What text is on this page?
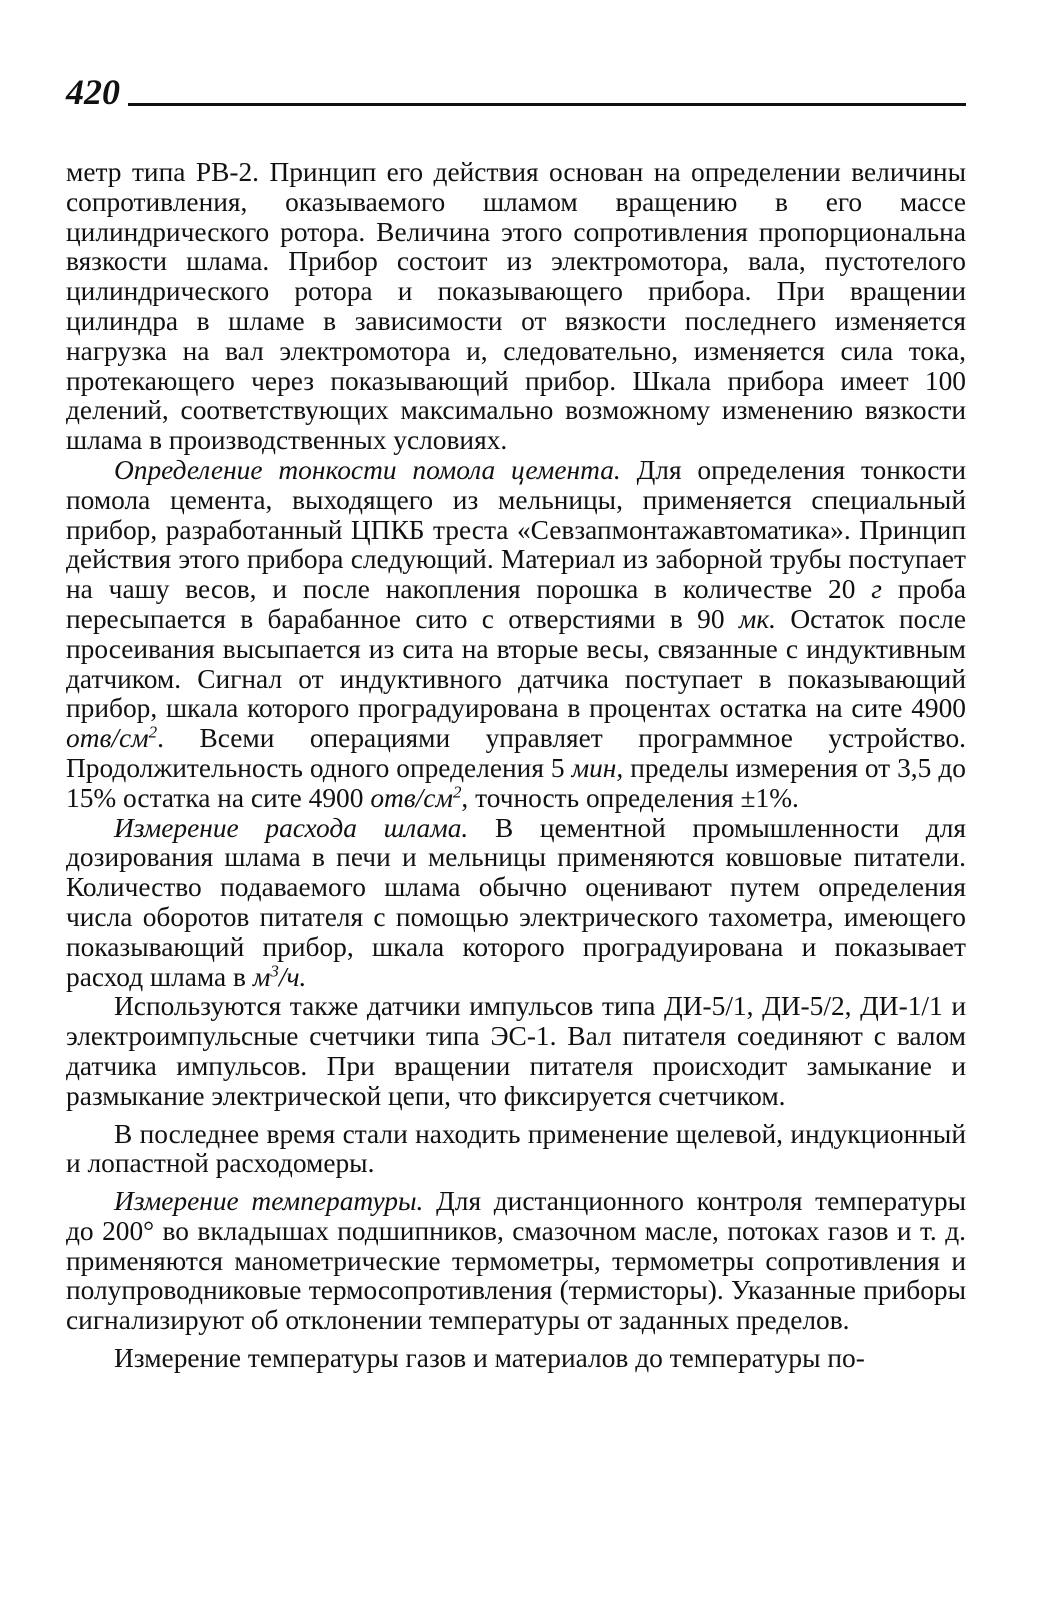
420

метр типа РВ-2. Принцип его действия основан на определении величины сопротивления, оказываемого шламом вращению в его массе цилиндрического ротора. Величина этого сопротивления пропорциональна вязкости шлама. Прибор состоит из электромотора, вала, пустотелого цилиндрического ротора и показывающего прибора. При вращении цилиндра в шламе в зависимости от вязкости последнего изменяется нагрузка на вал электромотора и, следовательно, изменяется сила тока, протекающего через показывающий прибор. Шкала прибора имеет 100 делений, соответствующих максимально возможному изменению вязкости шлама в производственных условиях.

Определение тонкости помола цемента. Для определения тонкости помола цемента, выходящего из мельницы, применяется специальный прибор, разработанный ЦПКБ треста «Севзапмонтажавтоматика». Принцип действия этого прибора следующий. Материал из заборной трубы поступает на чашу весов, и после накопления порошка в количестве 20 г проба пересыпается в барабанное сито с отверстиями в 90 мк. Остаток после просеивания высыпается из сита на вторые весы, связанные с индуктивным датчиком. Сигнал от индуктивного датчика поступает в показывающий прибор, шкала которого проградуирована в процентах остатка на сите 4900 отв/$см^2$. Всеми операциями управляет программное устройство. Продолжительность одного определения 5 мин, пределы измерения от 3,5 до 15% остатка на сите 4900 отв/$см^2$, точность определения ±1%.

Измерение расхода шлама. В цементной промышленности для дозирования шлама в печи и мельницы применяются ковшовые питатели. Количество подаваемого шлама обычно оценивают путем определения числа оборотов питателя с помощью электрического тахометра, имеющего показывающий прибор, шкала которого проградуирована и показывает расход шлама в $м^3/ч$.

Используются также датчики импульсов типа ДИ-5/1, ДИ-5/2, ДИ-1/1 и электроимпульсные счетчики типа ЭС-1. Вал питателя соединяют с валом датчика импульсов. При вращении питателя происходит замыкание и размыкание электрической цепи, что фиксируется счетчиком.

В последнее время стали находить применение щелевой, индукционный и лопастной расходомеры.

Измерение температуры. Для дистанционного контроля температуры до 200° во вкладышах подшипников, смазочном масле, потоках газов и т. д. применяются манометрические термометры, термометры сопротивления и полупроводниковые термосопротивления (термисторы). Указанные приборы сигнализируют об отклонении температуры от заданных пределов.

Измерение температуры газов и материалов до температуры по-
